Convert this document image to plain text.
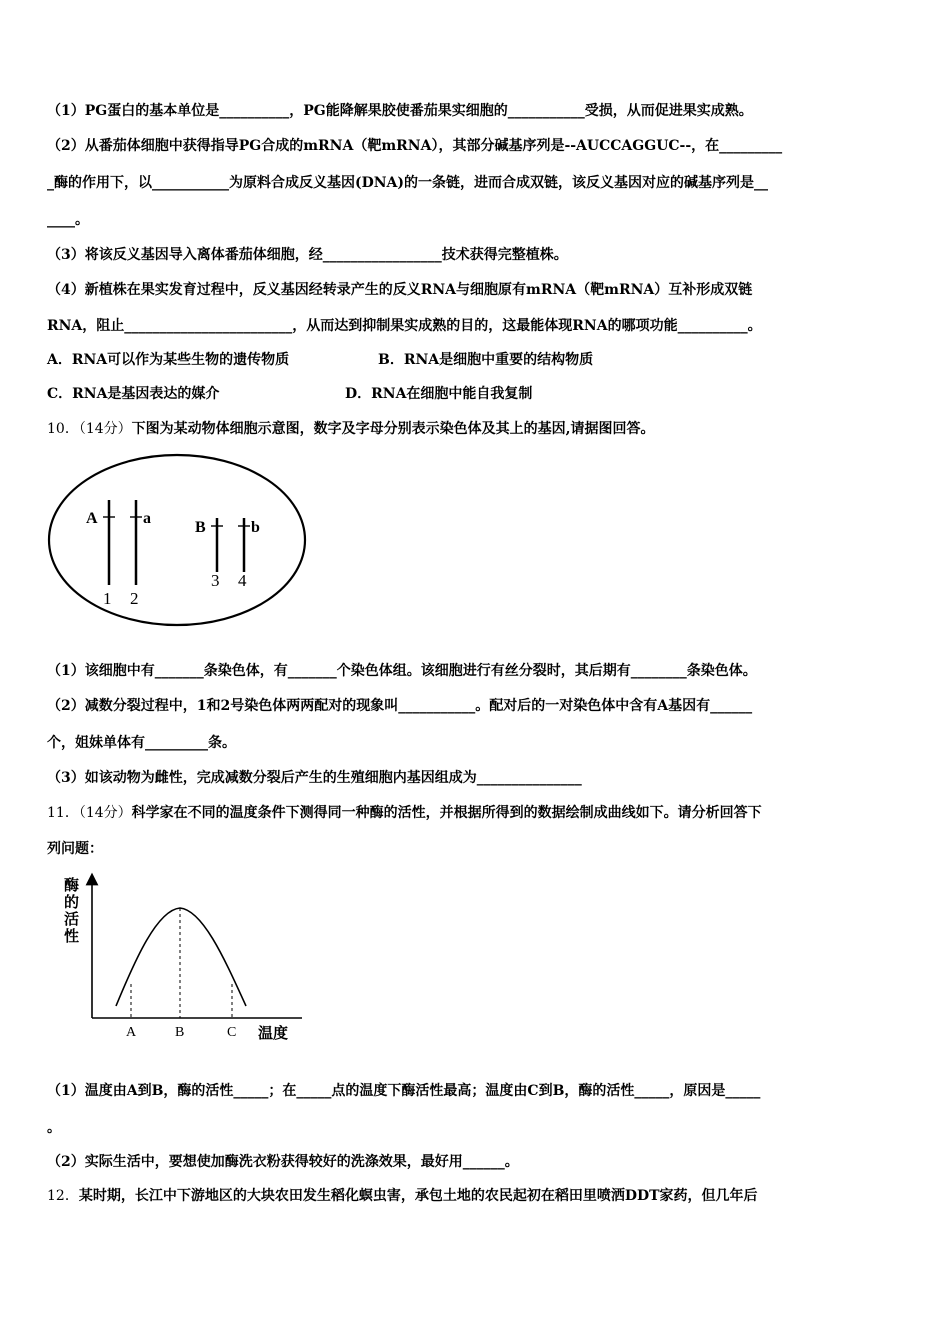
（1）PG蛋白的基本单位是__________，PG能降解果胶使番茄果实细胞的___________受损，从而促进果实成熟。
（2）从番茄体细胞中获得指导PG合成的mRNA（靶mRNA），其部分碱基序列是--AUCCAGGUC--，在_________
_酶的作用下，以___________为原料合成反义基因(DNA)的一条链，进而合成双链，该反义基因对应的碱基序列是__
____。
（3）将该反义基因导入离体番茄体细胞，经_________________技术获得完整植株。
（4）新植株在果实发育过程中，反义基因经转录产生的反义RNA与细胞原有mRNA（靶mRNA）互补形成双链
RNA，阻止________________________，从而达到抑制果实成熟的目的，这最能体现RNA的哪项功能__________。
A．RNA可以作为某些生物的遗传物质	B．RNA是细胞中重要的结构物质
C．RNA是基因表达的媒介	D．RNA在细胞中能自我复制
10．（14分）下图为某动物体细胞示意图，数字及字母分别表示染色体及其上的基因,请据图回答。
A	a
B	b
1 2
3 4
（1）该细胞中有_______条染色体，有_______个染色体组。该细胞进行有丝分裂时，其后期有________条染色体。
（2）减数分裂过程中，1和2号染色体两两配对的现象叫___________。配对后的一对染色体中含有A基因有______
个，姐妹单体有_________条。
（3）如该动物为雌性，完成减数分裂后产生的生殖细胞内基因组成为_______________
11．（14分）科学家在不同的温度条件下测得同一种酶的活性，并根据所得到的数据绘制成曲线如下。请分析回答下
列问题：
酶
的
活
性
A	B	C 温度
（1）温度由A到B，酶的活性_____；在_____点的温度下酶活性最高；温度由C到B，酶的活性_____，原因是_____
。
（2）实际生活中，要想使加酶洗衣粉获得较好的洗涤效果，最好用______。
12．某时期，长江中下游地区的大块农田发生稻化螟虫害，承包土地的农民起初在稻田里喷洒DDT家药，但几年后
